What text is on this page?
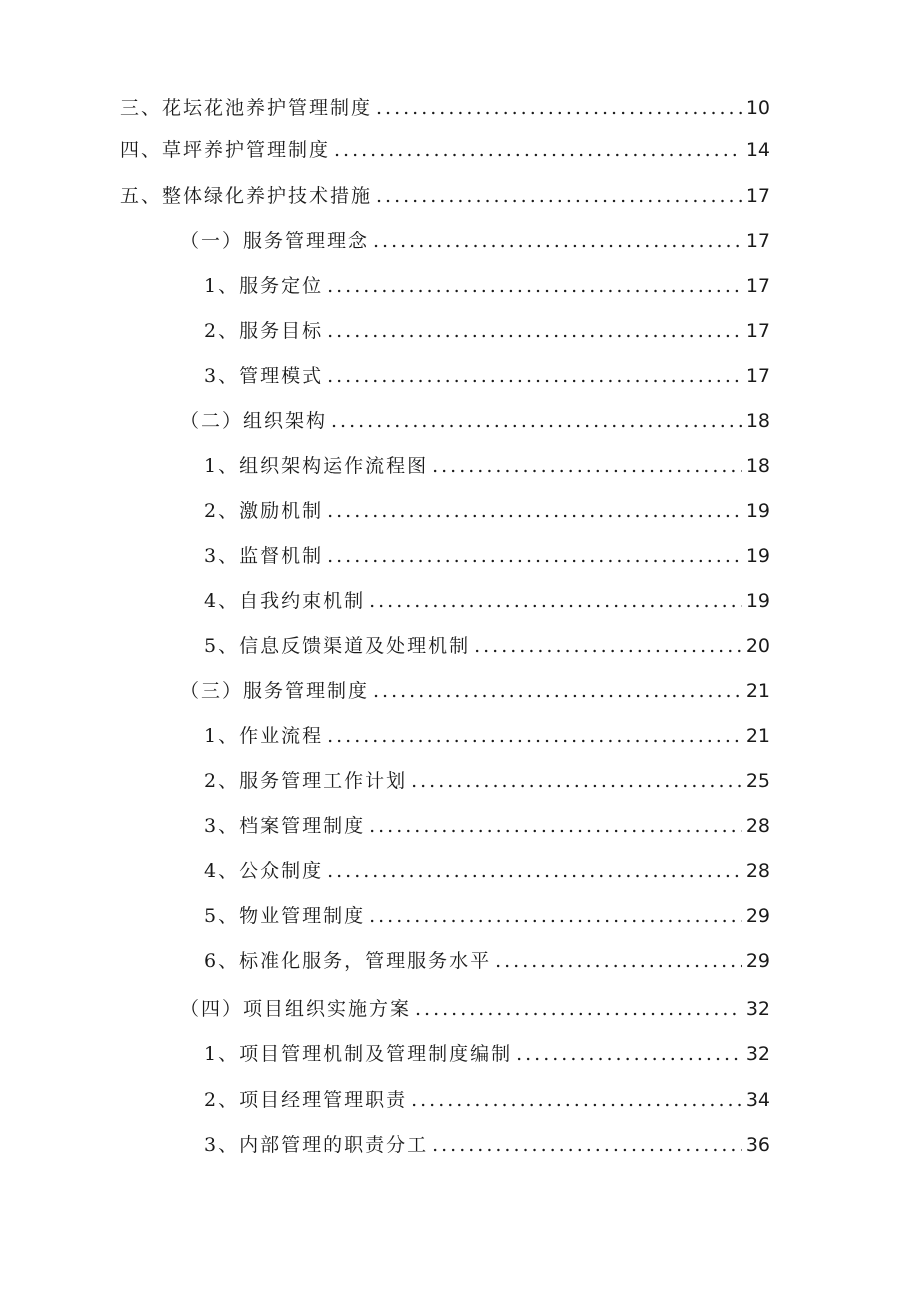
三、花坛花池养护管理制度 .....	10
四、草坪养护管理制度 .....	14
五、整体绿化养护技术措施 .....	17
（一）服务管理理念 .....	17
1、服务定位 .....	17
2、服务目标 .....	17
3、管理模式 .....	17
（二）组织架构 .....	18
1、组织架构运作流程图 .....	18
2、激励机制 .....	19
3、监督机制 .....	19
4、自我约束机制 .....	19
5、信息反馈渠道及处理机制 .....	20
（三）服务管理制度 .....	21
1、作业流程 .....	21
2、服务管理工作计划 .....	25
3、档案管理制度 .....	28
4、公众制度 .....	28
5、物业管理制度 .....	29
6、标准化服务，管理服务水平 .....	29
（四）项目组织实施方案 .....	32
1、项目管理机制及管理制度编制 .....	32
2、项目经理管理职责 .....	34
3、内部管理的职责分工 .....	36
